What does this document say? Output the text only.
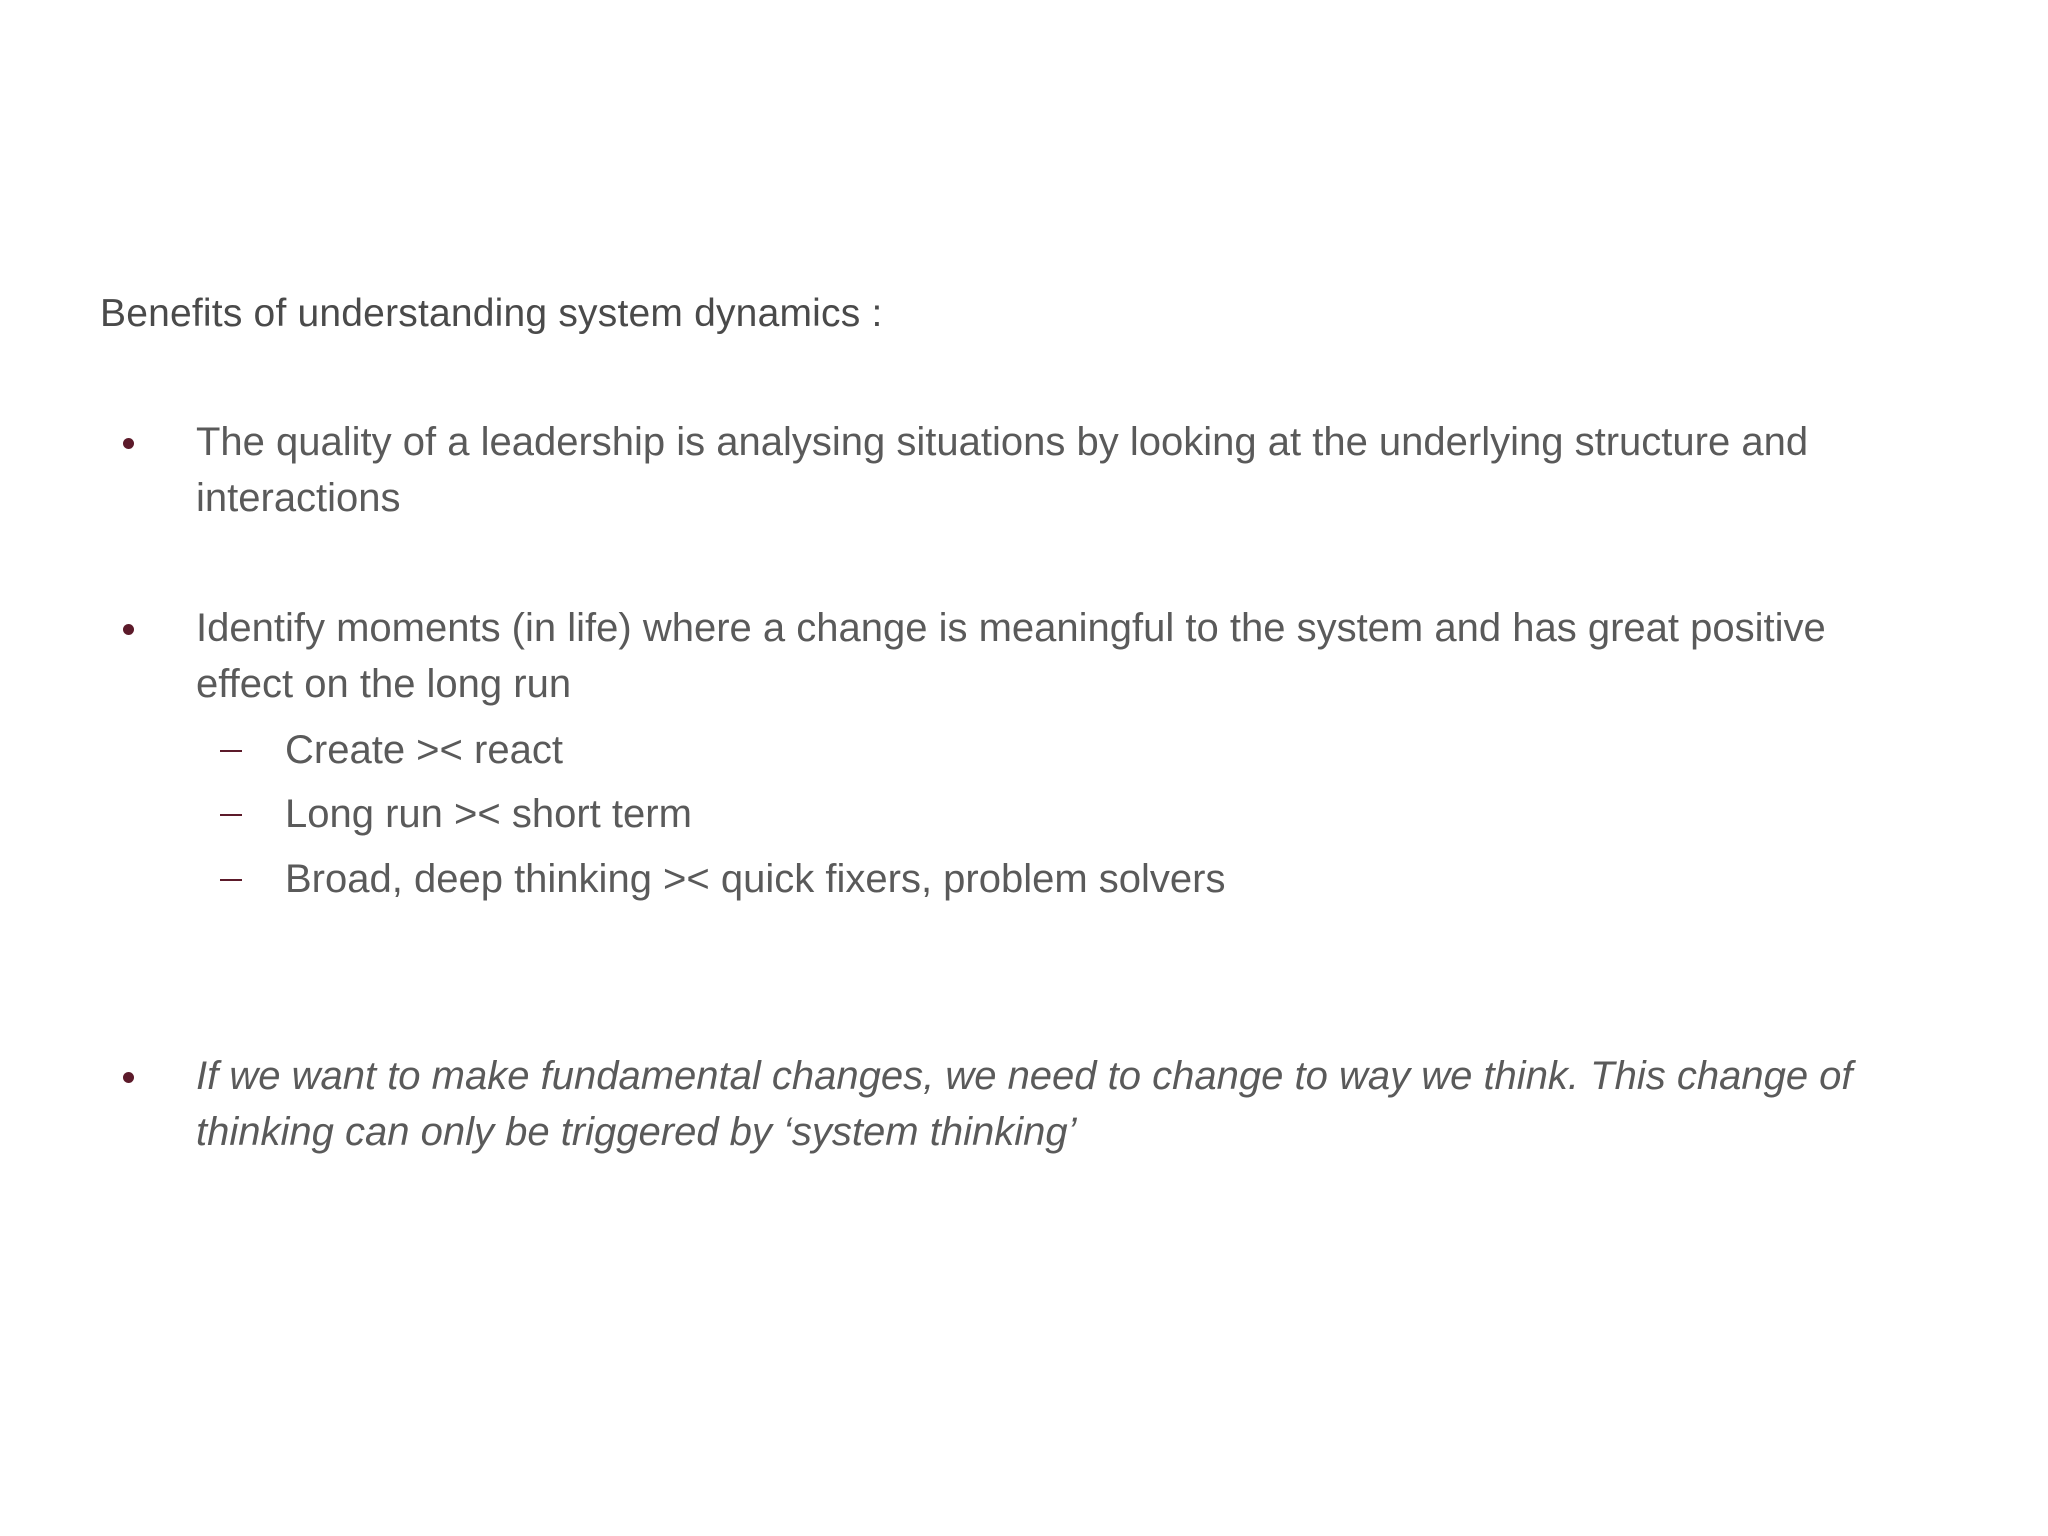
Benefits of understanding system dynamics :
The quality of a leadership is analysing situations by looking at the underlying structure and interactions
Identify moments (in life) where a change is meaningful to the system and has great positive effect on the long run
Create >< react
Long run >< short term
Broad, deep thinking >< quick fixers, problem solvers
If we want to make fundamental changes, we need to change to way we think. This change of thinking can only be triggered by ‘system thinking’
